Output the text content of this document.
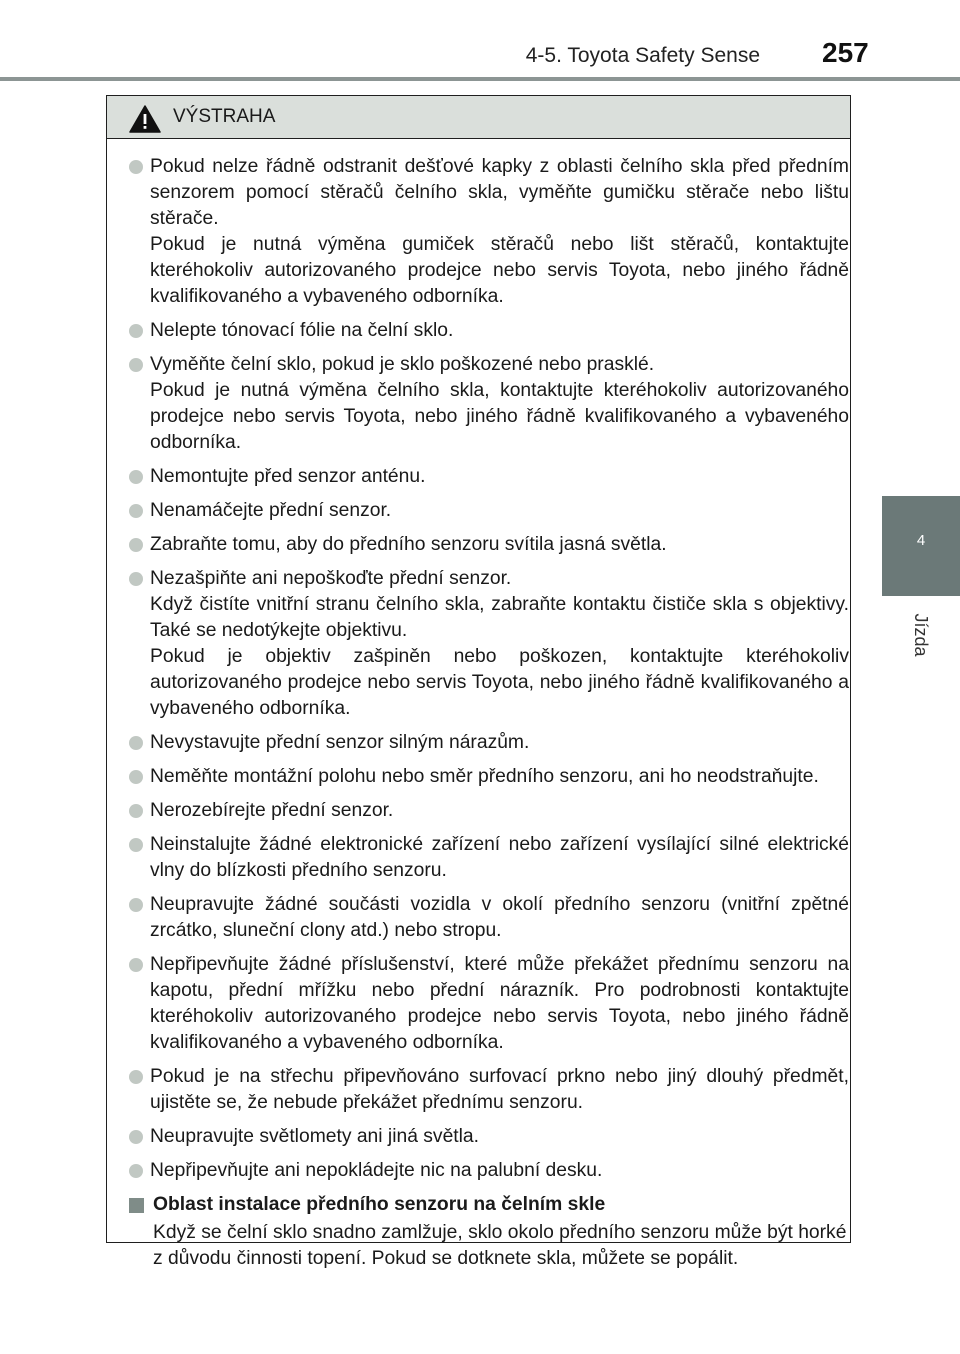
4-5. Toyota Safety Sense 257
4
Jízda
VÝSTRAHA

Pokud nelze řádně odstranit dešťové kapky z oblasti čelního skla před předním senzorem pomocí stěračů čelního skla, vyměňte gumičku stěrače nebo lištu stěrače.

Pokud je nutná výměna gumiček stěračů nebo lišt stěračů, kontaktujte kteréhokoliv autorizovaného prodejce nebo servis Toyota, nebo jiného řádně kvalifikovaného a vybaveného odborníka.

Nelepte tónovací fólie na čelní sklo.

Vyměňte čelní sklo, pokud je sklo poškozené nebo prasklé.

Pokud je nutná výměna čelního skla, kontaktujte kteréhokoliv autorizovaného prodejce nebo servis Toyota, nebo jiného řádně kvalifikovaného a vybaveného odborníka.

Nemontujte před senzor anténu.

Nenamáčejte přední senzor.

Zabraňte tomu, aby do předního senzoru svítila jasná světla.

Nezašpiňte ani nepoškoďte přední senzor.

Když čistíte vnitřní stranu čelního skla, zabraňte kontaktu čističe skla s objektivy. Také se nedotýkejte objektivu.

Pokud je objektiv zašpiněn nebo poškozen, kontaktujte kteréhokoliv autorizovaného prodejce nebo servis Toyota, nebo jiného řádně kvalifikovaného a vybaveného odborníka.

Nevystavujte přední senzor silným nárazům.

Neměňte montážní polohu nebo směr předního senzoru, ani ho neodstraňujte.

Nerozebírejte přední senzor.

Neinstalujte žádné elektronické zařízení nebo zařízení vysílající silné elektrické vlny do blízkosti předního senzoru.

Neupravujte žádné součásti vozidla v okolí předního senzoru (vnitřní zpětné zrcátko, sluneční clony atd.) nebo stropu.

Nepřipevňujte žádné příslušenství, které může překážet přednímu senzoru na kapotu, přední mřížku nebo přední nárazník. Pro podrobnosti kontaktujte kteréhokoliv autorizovaného prodejce nebo servis Toyota, nebo jiného řádně kvalifikovaného a vybaveného odborníka.

Pokud je na střechu připevňováno surfovací prkno nebo jiný dlouhý předmět, ujistěte se, že nebude překážet přednímu senzoru.

Neupravujte světlomety ani jiná světla.

Nepřipevňujte ani nepokládejte nic na palubní desku.

Oblast instalace předního senzoru na čelním skle

Když se čelní sklo snadno zamlžuje, sklo okolo předního senzoru může být horké z důvodu činnosti topení. Pokud se dotknete skla, můžete se popálit.
